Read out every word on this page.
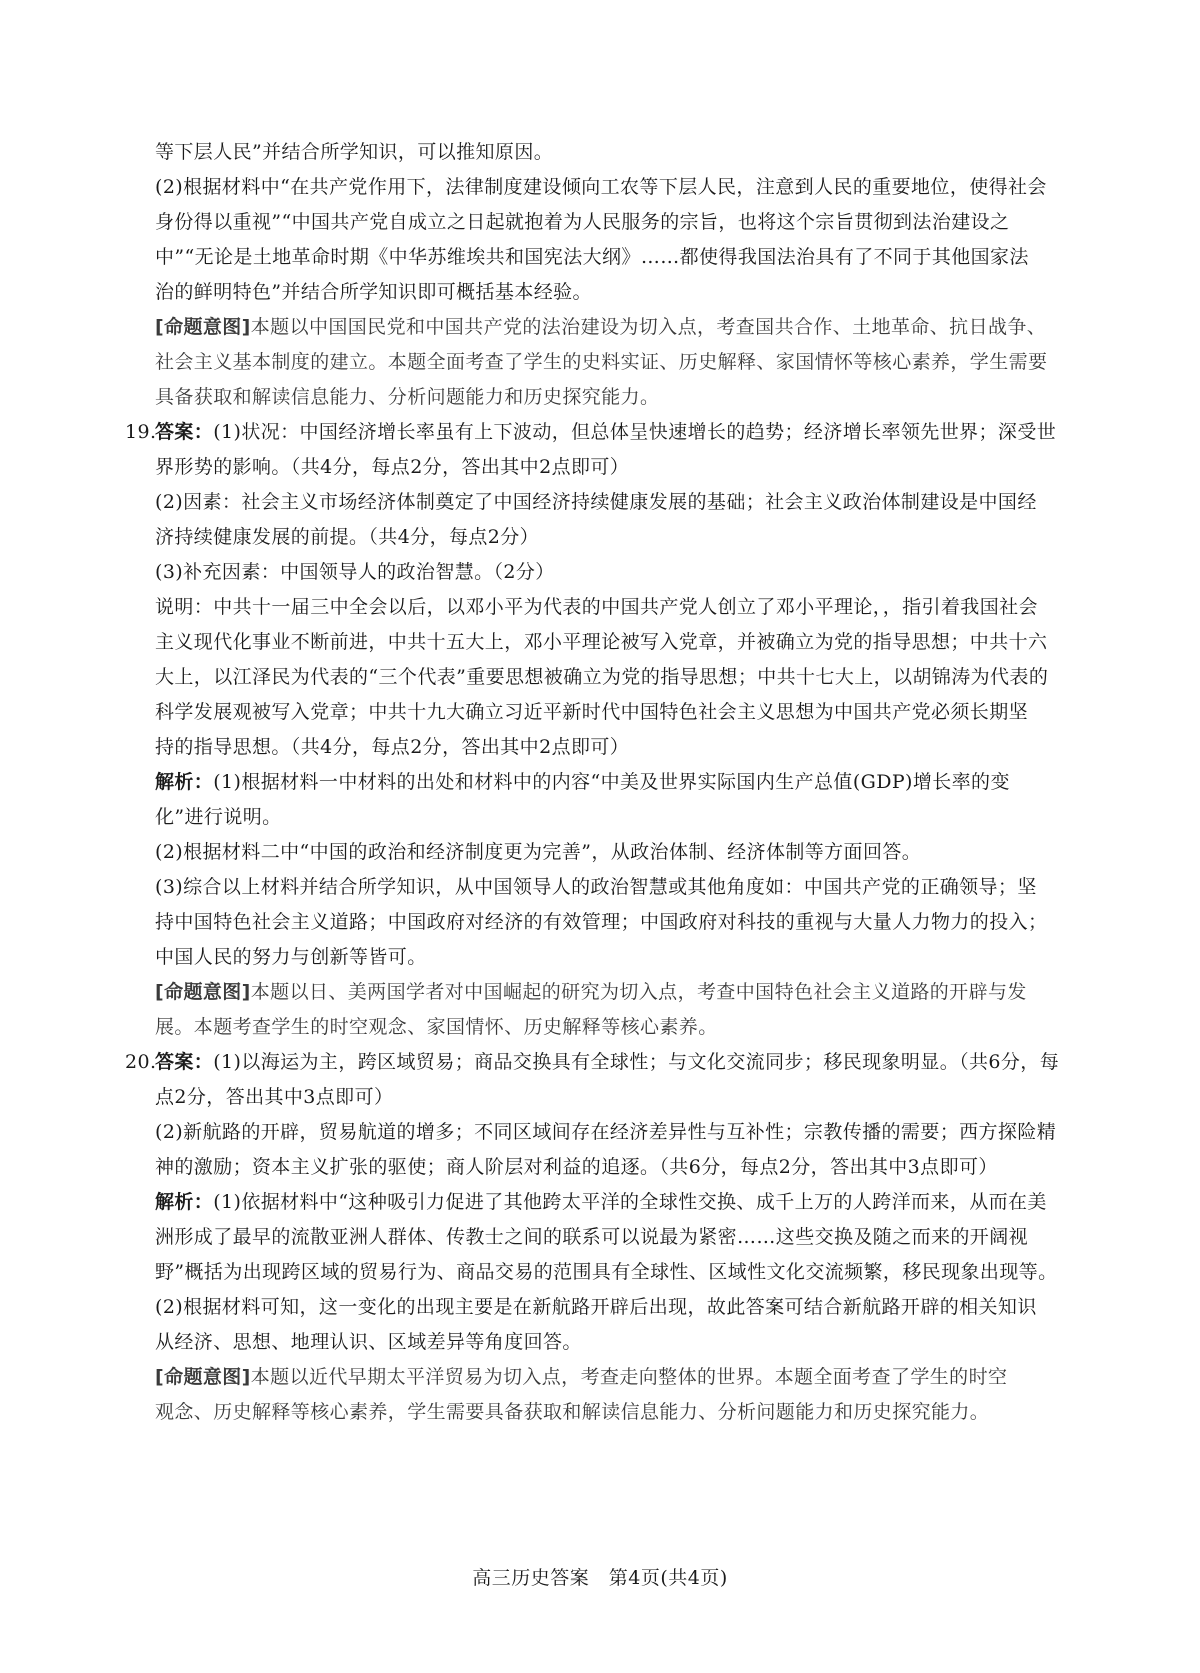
等下层人民”并结合所学知识，可以推知原因。
(2)根据材料中“在共产党作用下，法律制度建设倾向工农等下层人民，注意到人民的重要地位，使得社会
身份得以重视”“中国共产党自成立之日起就抱着为人民服务的宗旨，也将这个宗旨贯彻到法治建设之
中”“无论是土地革命时期《中华苏维埃共和国宪法大纲》……都使得我国法治具有了不同于其他国家法
治的鲜明特色”并结合所学知识即可概括基本经验。
[命题意图]本题以中国国民党和中国共产党的法治建设为切入点，考查国共合作、土地革命、抗日战争、
社会主义基本制度的建立。本题全面考查了学生的史料实证、历史解释、家国情怀等核心素养，学生需要
具备获取和解读信息能力、分析问题能力和历史探究能力。
19.答案：(1)状况：中国经济增长率虽有上下波动，但总体呈快速增长的趋势；经济增长率领先世界；深受世
界形势的影响。（共4分，每点2分，答出其中2点即可）
(2)因素：社会主义市场经济体制奠定了中国经济持续健康发展的基础；社会主义政治体制建设是中国经
济持续健康发展的前提。（共4分，每点2分）
(3)补充因素：中国领导人的政治智慧。（2分）
说明：中共十一届三中全会以后，以邓小平为代表的中国共产党人创立了邓小平理论，，指引着我国社会
主义现代化事业不断前进，中共十五大上，邓小平理论被写入党章，并被确立为党的指导思想；中共十六
大上，以江泽民为代表的“三个代表”重要思想被确立为党的指导思想；中共十七大上，以胡锦涛为代表的
科学发展观被写入党章；中共十九大确立习近平新时代中国特色社会主义思想为中国共产党必须长期坚
持的指导思想。（共4分，每点2分，答出其中2点即可）
解析：(1)根据材料一中材料的出处和材料中的内容“中美及世界实际国内生产总值(GDP)增长率的变
化”进行说明。
(2)根据材料二中“中国的政治和经济制度更为完善”，从政治体制、经济体制等方面回答。
(3)综合以上材料并结合所学知识，从中国领导人的政治智慧或其他角度如：中国共产党的正确领导；坚
持中国特色社会主义道路；中国政府对经济的有效管理；中国政府对科技的重视与大量人力物力的投入；
中国人民的努力与创新等皆可。
[命题意图]本题以日、美两国学者对中国崛起的研究为切入点，考查中国特色社会主义道路的开辟与发
展。本题考查学生的时空观念、家国情怀、历史解释等核心素养。
20.答案：(1)以海运为主，跨区域贸易；商品交换具有全球性；与文化交流同步；移民现象明显。（共6分，每
点2分，答出其中3点即可）
(2)新航路的开辟，贸易航道的增多；不同区域间存在经济差异性与互补性；宗教传播的需要；西方探险精
神的激励；资本主义扩张的驱使；商人阶层对利益的追逐。（共6分，每点2分，答出其中3点即可）
解析：(1)依据材料中“这种吸引力促进了其他跨太平洋的全球性交换、成千上万的人跨洋而来，从而在美
洲形成了最早的流散亚洲人群体、传教士之间的联系可以说最为紧密……这些交换及随之而来的开阔视
野”概括为出现跨区域的贸易行为、商品交易的范围具有全球性、区域性文化交流频繁，移民现象出现等。
(2)根据材料可知，这一变化的出现主要是在新航路开辟后出现，故此答案可结合新航路开辟的相关知识
从经济、思想、地理认识、区域差异等角度回答。
[命题意图]本题以近代早期太平洋贸易为切入点，考查走向整体的世界。本题全面考查了学生的时空
观念、历史解释等核心素养，学生需要具备获取和解读信息能力、分析问题能力和历史探究能力。
高三历史答案　第4页(共4页)
